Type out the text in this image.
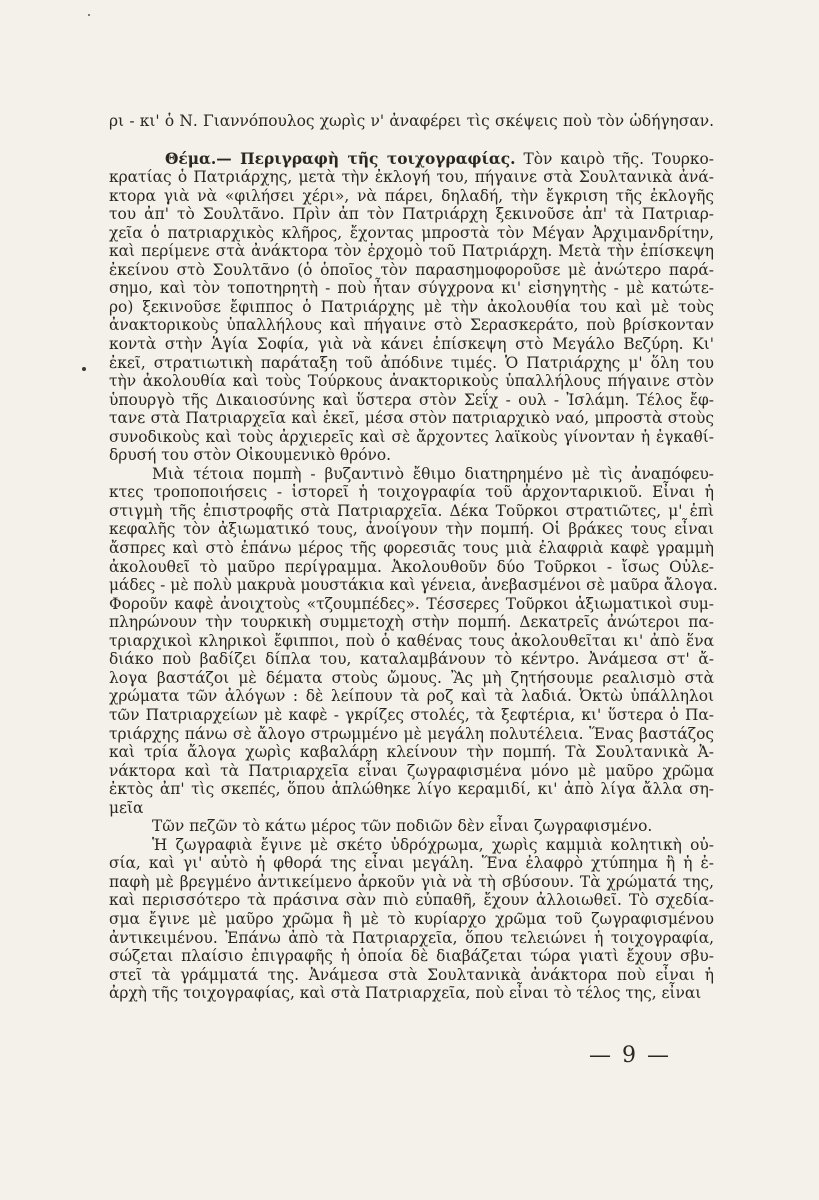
ρι - κι' ὁ Ν. Γιαννόπουλος χωρὶς ν' ἀναφέρει τὶς σκέψεις ποὺ τὸν ὡδήγησαν.
Θέμα.— Περιγραφὴ τῆς τοιχογραφίας. Τὸν καιρὸ τῆς. Τουρκο-
κρατίας ὁ Πατριάρχης, μετὰ τὴν ἐκλογή του, πήγαινε στὰ Σουλτανικὰ ἀνά-
κτορα γιὰ νὰ «φιλήσει χέρι», νὰ πάρει, δηλαδή, τὴν ἔγκριση τῆς ἐκλογῆς
του ἀπ' τὸ Σουλτᾶνο. Πρὶν ἀπ τὸν Πατριάρχη ξεκινοῦσε ἀπ' τὰ Πατριαρ-
χεῖα ὁ πατριαρχικὸς κλῆρος, ἔχοντας μπροστὰ τὸν Μέγαν Ἀρχιμανδρίτην,
καὶ περίμενε στὰ ἀνάκτορα τὸν ἐρχομὸ τοῦ Πατριάρχη. Μετὰ τὴν ἐπίσκεψη
ἐκείνου στὸ Σουλτᾶνο (ὁ ὁποῖος τὸν παρασημοφοροῦσε μὲ ἀνώτερο παρά-
σημο, καὶ τὸν τοποτηρητὴ - ποὺ ἦταν σύγχρονα κι' εἰσηγητὴς - μὲ κατώτε-
ρο) ξεκινοῦσε ἔφιππος ὁ Πατριάρχης μὲ τὴν ἀκολουθία του καὶ μὲ τοὺς
ἀνακτορικοὺς ὑπαλλήλους καὶ πήγαινε στὸ Σερασκεράτο, ποὺ βρίσκονταν
κοντὰ στὴν Ἁγία Σοφία, γιὰ νὰ κάνει ἐπίσκεψη στὸ Μεγάλο Βεζύρη. Κι'
ἐκεῖ, στρατιωτικὴ παράταξη τοῦ ἀπόδινε τιμές. Ὁ Πατριάρχης μ' ὅλη του
τὴν ἀκολουθία καὶ τοὺς Τούρκους ἀνακτορικοὺς ὑπαλλήλους πήγαινε στὸν
ὑπουργὸ τῆς Δικαιοσύνης καὶ ὕστερα στὸν Σεΐχ - ουλ - Ἰσλάμη. Τέλος ἔφ-
τανε στὰ Πατριαρχεῖα καὶ ἐκεῖ, μέσα στὸν πατριαρχικὸ ναό, μπροστὰ στοὺς
συνοδικοὺς καὶ τοὺς ἀρχιερεῖς καὶ σὲ ἄρχοντες λαϊκοὺς γίνονταν ἡ ἐγκαθί-
δρυσή του στὸν Οἰκουμενικὸ θρόνο.
Μιὰ τέτοια πομπὴ - βυζαντινὸ ἔθιμο διατηρημένο μὲ τὶς ἀναπόφευ-
κτες τροποποιήσεις - ἱστορεῖ ἡ τοιχογραφία τοῦ ἀρχονταρικιοῦ. Εἶναι ἡ
στιγμὴ τῆς ἐπιστροφῆς στὰ Πατριαρχεῖα. Δέκα Τοῦρκοι στρατιῶτες, μ' ἐπὶ
κεφαλῆς τὸν ἀξιωματικό τους, ἀνοίγουν τὴν πομπή. Οἱ βράκες τους εἶναι
ἄσπρες καὶ στὸ ἐπάνω μέρος τῆς φορεσιᾶς τους μιὰ ἐλαφριὰ καφὲ γραμμὴ
ἀκολουθεῖ τὸ μαῦρο περίγραμμα. Ἀκολουθοῦν δύο Τοῦρκοι - ἴσως Οὐλε-
μάδες - μὲ πολὺ μακρυὰ μουστάκια καὶ γένεια, ἀνεβασμένοι σὲ μαῦρα ἄλογα.
Φοροῦν καφὲ ἀνοιχτοὺς «τζουμπέδες». Τέσσερες Τοῦρκοι ἀξιωματικοὶ συμ-
πληρώνουν τὴν τουρκικὴ συμμετοχὴ στὴν πομπή. Δεκατρεῖς ἀνώτεροι πα-
τριαρχικοὶ κληρικοὶ ἔφιπποι, ποὺ ὁ καθένας τους ἀκολουθεῖται κι' ἀπὸ ἕνα
διάκο ποὺ βαδίζει δίπλα του, καταλαμβάνουν τὸ κέντρο. Ἀνάμεσα στ' ἄ-
λογα βαστάζοι μὲ δέματα στοὺς ὤμους. Ἂς μὴ ζητήσουμε ρεαλισμὸ στὰ
χρώματα τῶν ἀλόγων : δὲ λείπουν τὰ ροζ καὶ τὰ λαδιά. Ὀκτὼ ὑπάλληλοι
τῶν Πατριαρχείων μὲ καφὲ - γκρίζες στολές, τὰ ξεφτέρια, κι' ὕστερα ὁ Πα-
τριάρχης πάνω σὲ ἄλογο στρωμμένο μὲ μεγάλη πολυτέλεια. Ἕνας βαστάζος
καὶ τρία ἄλογα χωρὶς καβαλάρη κλείνουν τὴν πομπή. Τὰ Σουλτανικὰ Ἀ-
νάκτορα καὶ τὰ Πατριαρχεῖα εἶναι ζωγραφισμένα μόνο μὲ μαῦρο χρῶμα
ἐκτὸς ἀπ' τὶς σκεπές, ὅπου ἁπλώθηκε λίγο κεραμιδί, κι' ἀπὸ λίγα ἄλλα ση-
μεῖα
Τῶν πεζῶν τὸ κάτω μέρος τῶν ποδιῶν δὲν εἶναι ζωγραφισμένο.
Ἡ ζωγραφιὰ ἔγινε μὲ σκέτο ὑδρόχρωμα, χωρὶς καμμιὰ κολητικὴ οὐ-
σία, καὶ γι' αὐτὸ ἡ φθορά της εἶναι μεγάλη. Ἕνα ἐλαφρὸ χτύπημα ἢ ἡ ἐ-
παφὴ μὲ βρεγμένο ἀντικείμενο ἀρκοῦν γιὰ νὰ τὴ σβύσουν. Τὰ χρώματά της,
καὶ περισσότερο τὰ πράσινα σὰν πιὸ εὐπαθῆ, ἔχουν ἀλλοιωθεῖ. Τὸ σχεδία-
σμα ἔγινε μὲ μαῦρο χρῶμα ἢ μὲ τὸ κυρίαρχο χρῶμα τοῦ ζωγραφισμένου
ἀντικειμένου. Ἐπάνω ἀπὸ τὰ Πατριαρχεῖα, ὅπου τελειώνει ἡ τοιχογραφία,
σώζεται πλαίσιο ἐπιγραφῆς ἡ ὁποία δὲ διαβάζεται τώρα γιατὶ ἔχουν σβυ-
στεῖ τὰ γράμματά της. Ἀνάμεσα στὰ Σουλτανικὰ ἀνάκτορα ποὺ εἶναι ἡ
ἀρχὴ τῆς τοιχογραφίας, καὶ στὰ Πατριαρχεῖα, ποὺ εἶναι τὸ τέλος της, εἶναι
— 9 —
